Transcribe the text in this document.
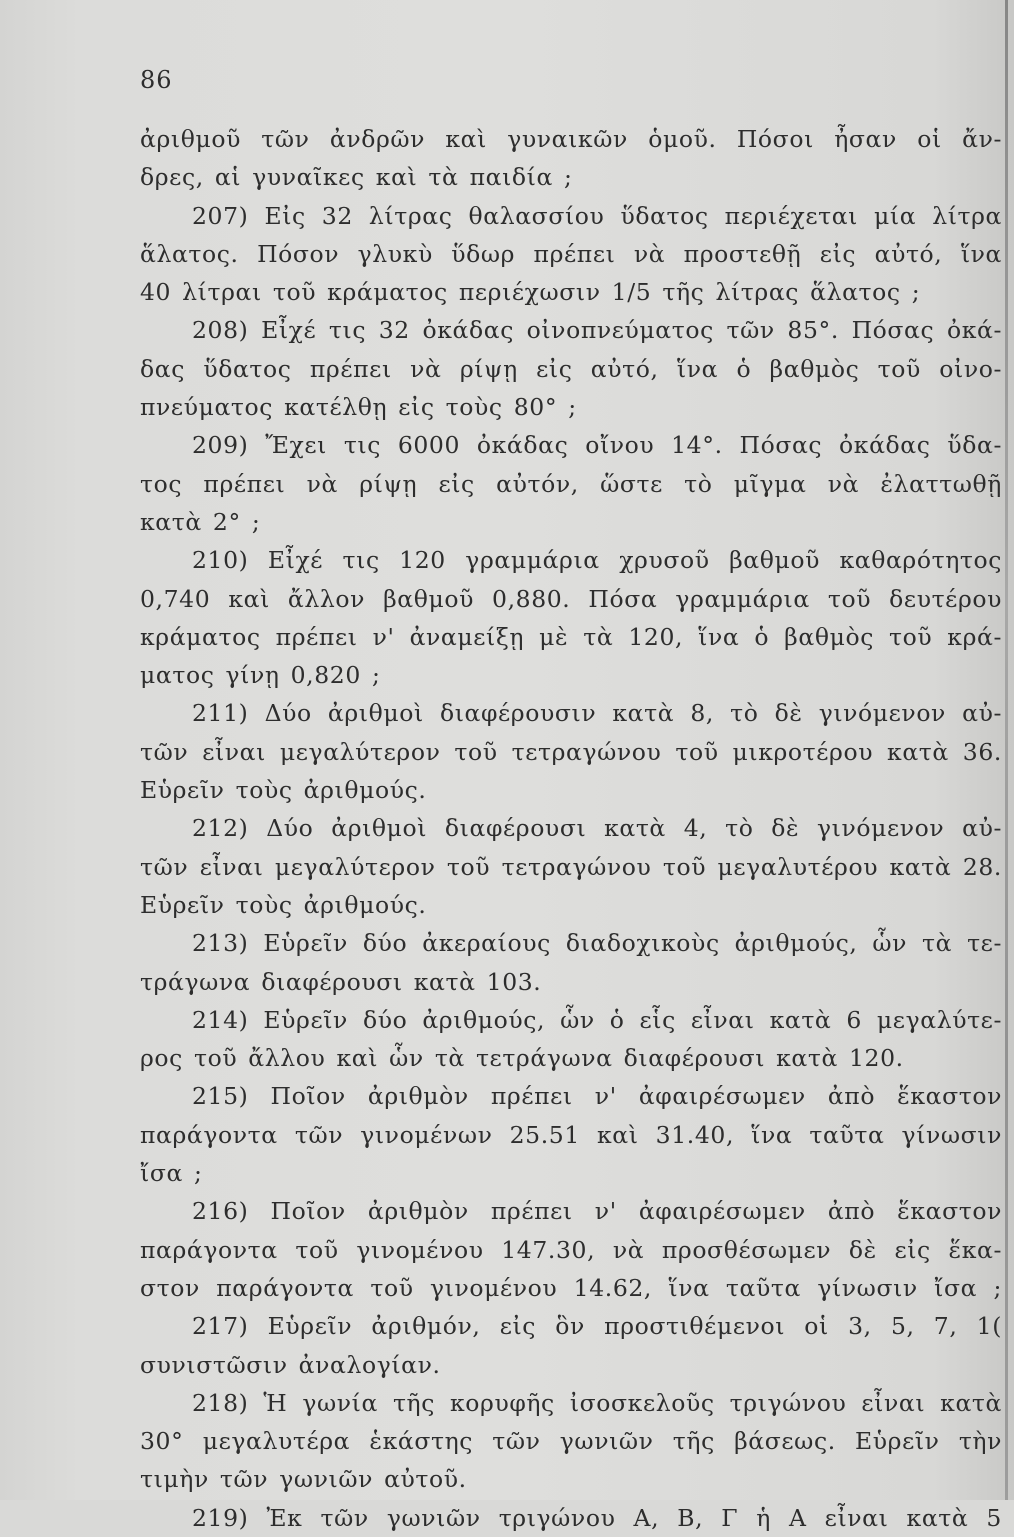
86
ἀριθμοῦ τῶν ἀνδρῶν καὶ γυναικῶν ὁμοῦ. Πόσοι ἦσαν οἱ ἄν-
δρες, αἱ γυναῖκες καὶ τὰ παιδία ;
207) Εἰς 32 λίτρας θαλασσίου ὕδατος περιέχεται μία λίτρα
ἅλατος. Πόσον γλυκὺ ὕδωρ πρέπει νὰ προστεθῇ εἰς αὐτό, ἵνα
40 λίτραι τοῦ κράματος περιέχωσιν 1/5 τῆς λίτρας ἅλατος ;
208) Εἶχέ τις 32 ὀκάδας οἰνοπνεύματος τῶν 85°. Πόσας ὀκά-
δας ὕδατος πρέπει νὰ ρίψῃ εἰς αὐτό, ἵνα ὁ βαθμὸς τοῦ οἰνο-
πνεύματος κατέλθῃ εἰς τοὺς 80° ;
209) Ἔχει τις 6000 ὀκάδας οἴνου 14°. Πόσας ὀκάδας ὕδα-
τος πρέπει νὰ ρίψῃ εἰς αὐτόν, ὥστε τὸ μῖγμα νὰ ἐλαττωθῇ
κατὰ 2° ;
210) Εἶχέ τις 120 γραμμάρια χρυσοῦ βαθμοῦ καθαρότητος
0,740 καὶ ἄλλον βαθμοῦ 0,880. Πόσα γραμμάρια τοῦ δευτέρου
κράματος πρέπει ν' ἀναμείξῃ μὲ τὰ 120, ἵνα ὁ βαθμὸς τοῦ κρά-
ματος γίνῃ 0,820 ;
211) Δύο ἀριθμοὶ διαφέρουσιν κατὰ 8, τὸ δὲ γινόμενον αὐ-
τῶν εἶναι μεγαλύτερον τοῦ τετραγώνου τοῦ μικροτέρου κατὰ 36.
Εὑρεῖν τοὺς ἀριθμούς.
212) Δύο ἀριθμοὶ διαφέρουσι κατὰ 4, τὸ δὲ γινόμενον αὐ-
τῶν εἶναι μεγαλύτερον τοῦ τετραγώνου τοῦ μεγαλυτέρου κατὰ 28.
Εὑρεῖν τοὺς ἀριθμούς.
213) Εὑρεῖν δύο ἀκεραίους διαδοχικοὺς ἀριθμούς, ὧν τὰ τε-
τράγωνα διαφέρουσι κατὰ 103.
214) Εὑρεῖν δύο ἀριθμούς, ὧν ὁ εἷς εἶναι κατὰ 6 μεγαλύτε-
ρος τοῦ ἄλλου καὶ ὧν τὰ τετράγωνα διαφέρουσι κατὰ 120.
215) Ποῖον ἀριθμὸν πρέπει ν' ἀφαιρέσωμεν ἀπὸ ἕκαστον
παράγοντα τῶν γινομένων 25.51 καὶ 31.40, ἵνα ταῦτα γίνωσιν
ἴσα ;
216) Ποῖον ἀριθμὸν πρέπει ν' ἀφαιρέσωμεν ἀπὸ ἕκαστον
παράγοντα τοῦ γινομένου 147.30, νὰ προσθέσωμεν δὲ εἰς ἕκα-
στον παράγοντα τοῦ γινομένου 14.62, ἵνα ταῦτα γίνωσιν ἴσα ;
217) Εὑρεῖν ἀριθμόν, εἰς ὃν προστιθέμενοι οἱ 3, 5, 7, 1(
συνιστῶσιν ἀναλογίαν.
218) Ἡ γωνία τῆς κορυφῆς ἰσοσκελοῦς τριγώνου εἶναι κατὰ
30° μεγαλυτέρα ἑκάστης τῶν γωνιῶν τῆς βάσεως. Εὑρεῖν τὴν
τιμὴν τῶν γωνιῶν αὐτοῦ.
219) Ἐκ τῶν γωνιῶν τριγώνου Α, Β, Γ ἡ Α εἶναι κατὰ 5
